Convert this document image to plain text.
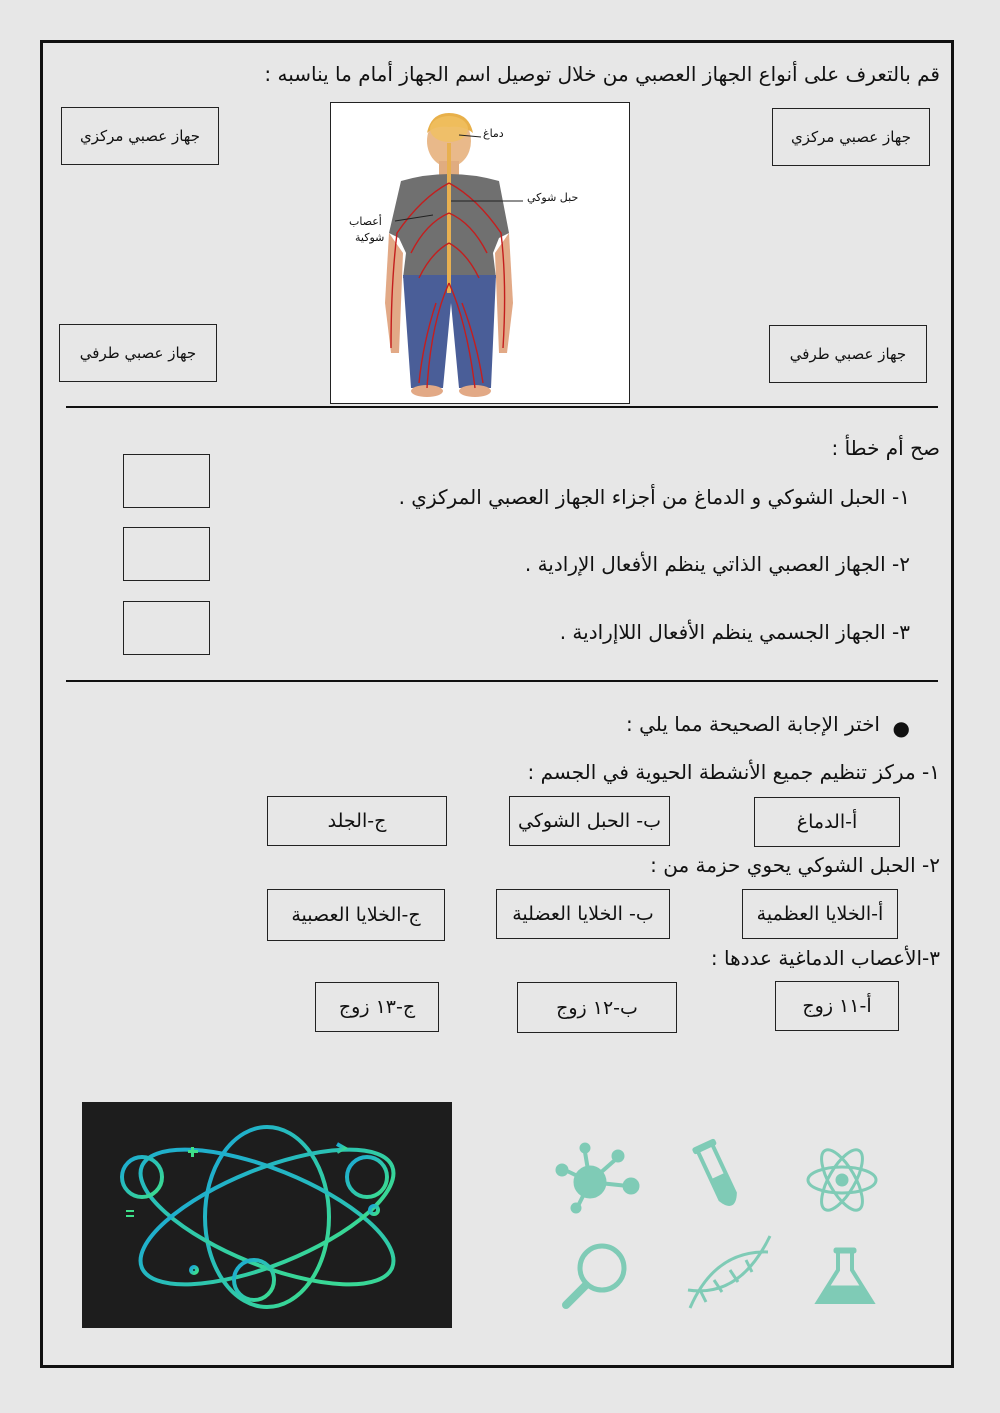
قم بالتعرف على أنواع الجهاز العصبي من خلال توصيل اسم الجهاز أمام ما يناسبه :
جهاز عصبي مركزي	جهاز عصبي مركزي
جهاز عصبي طرفي	جهاز عصبي طرفي
دماغ
حبل شوكي
أعصاب
شوكية
صح أم خطأ :
١- الحبل الشوكي و الدماغ من أجزاء الجهاز العصبي المركزي .
٢- الجهاز العصبي الذاتي ينظم الأفعال الإرادية .
٣- الجهاز الجسمي ينظم الأفعال اللاإرادية .
●
اختر الإجابة الصحيحة مما يلي :
١- مركز تنظيم جميع الأنشطة الحيوية في الجسم :
أ-الدماغ
ب- الحبل الشوكي
ج-الجلد
٢- الحبل الشوكي يحوي حزمة من :
أ-الخلايا العظمية
ب- الخلايا العضلية
ج-الخلايا العصبية
٣-الأعصاب الدماغية عددها :
أ-١١ زوج
ب-١٢ زوج
ج-١٣ زوج
